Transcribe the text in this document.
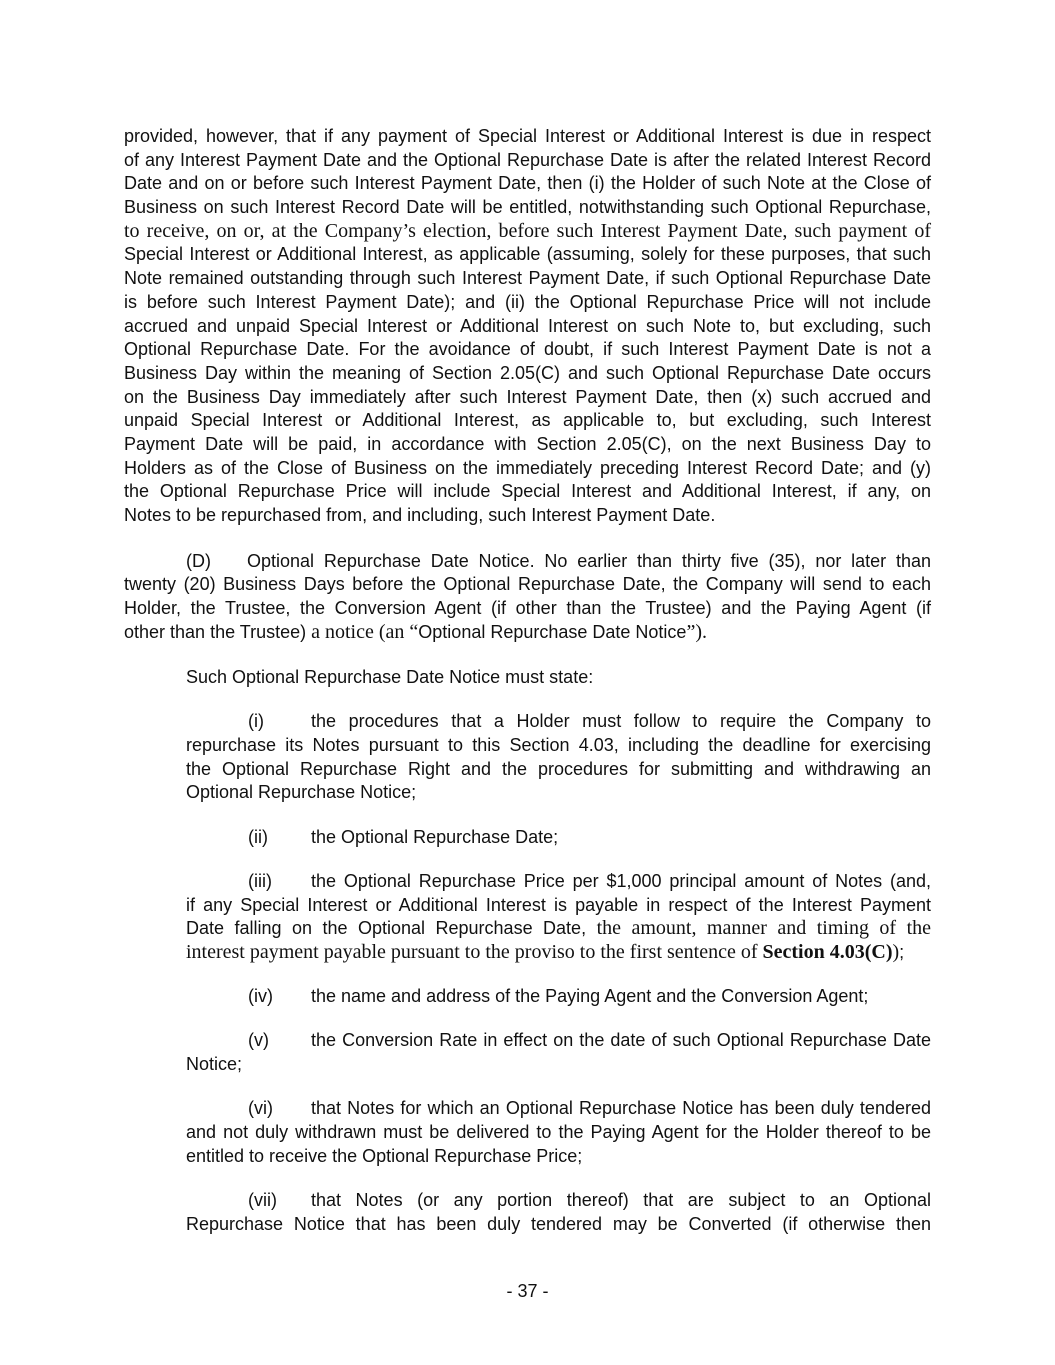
provided, however, that if any payment of Special Interest or Additional Interest is due in respect
of any Interest Payment Date and the Optional Repurchase Date is after the related Interest Record
Date and on or before such Interest Payment Date, then (i) the Holder of such Note at the Close of
Business on such Interest Record Date will be entitled, notwithstanding such Optional Repurchase,
to receive, on or, at the Company’s election, before such Interest Payment Date, such payment of
Special Interest or Additional Interest, as applicable (assuming, solely for these purposes, that such
Note remained outstanding through such Interest Payment Date, if such Optional Repurchase Date
is before such Interest Payment Date); and (ii) the Optional Repurchase Price will not include
accrued and unpaid Special Interest or Additional Interest on such Note to, but excluding, such
Optional Repurchase Date. For the avoidance of doubt, if such Interest Payment Date is not a
Business Day within the meaning of Section 2.05(C) and such Optional Repurchase Date occurs
on the Business Day immediately after such Interest Payment Date, then (x) such accrued and
unpaid Special Interest or Additional Interest, as applicable to, but excluding, such Interest
Payment Date will be paid, in accordance with Section 2.05(C), on the next Business Day to
Holders as of the Close of Business on the immediately preceding Interest Record Date; and (y)
the Optional Repurchase Price will include Special Interest and Additional Interest, if any, on
Notes to be repurchased from, and including, such Interest Payment Date.
(D) Optional Repurchase Date Notice. No earlier than thirty five (35), nor later than
twenty (20) Business Days before the Optional Repurchase Date, the Company will send to each
Holder, the Trustee, the Conversion Agent (if other than the Trustee) and the Paying Agent (if
other than the Trustee) a notice (an “Optional Repurchase Date Notice”).
Such Optional Repurchase Date Notice must state:
(i)	the procedures that a Holder must follow to require the Company to
repurchase its Notes pursuant to this Section 4.03, including the deadline for exercising
the Optional Repurchase Right and the procedures for submitting and withdrawing an
Optional Repurchase Notice;
(ii) the Optional Repurchase Date;
(iii) the Optional Repurchase Price per $1,000 principal amount of Notes (and,
if any Special Interest or Additional Interest is payable in respect of the Interest Payment
Date falling on the Optional Repurchase Date, the amount, manner and timing of the
interest payment payable pursuant to the proviso to the first sentence of Section 4.03(C));
(iv) the name and address of the Paying Agent and the Conversion Agent;
(v) the Conversion Rate in effect on the date of such Optional Repurchase Date
Notice;
(vi) that Notes for which an Optional Repurchase Notice has been duly tendered
and not duly withdrawn must be delivered to the Paying Agent for the Holder thereof to be
entitled to receive the Optional Repurchase Price;
(vii) that Notes (or any portion thereof) that are subject to an Optional
Repurchase Notice that has been duly tendered may be Converted (if otherwise then
- 37 -
